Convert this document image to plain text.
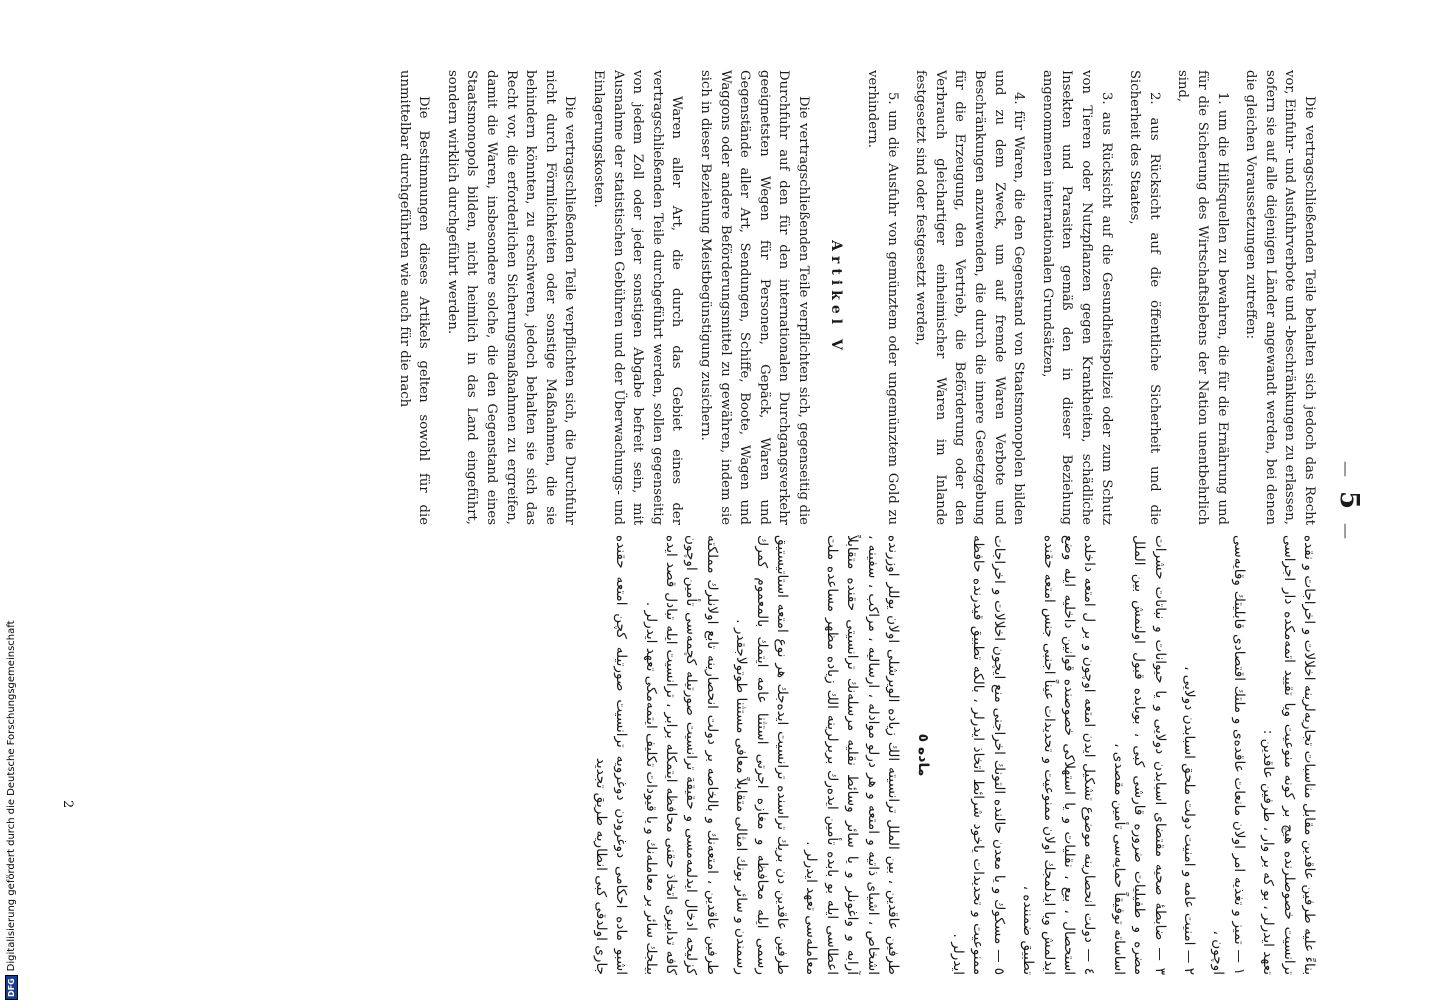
—5—

Die vertragschließenden Teile behalten sich jedoch das Recht vor, Einfuhr- und Ausfuhrverbote und -beschränkungen zu erlassen, sofern sie auf alle diejenigen Länder angewandt werden, bei denen die gleichen Voraussetzungen zutreffen:

1. um die Hilfsquellen zu bewahren, die für die Ernährung und für die Sicherung des Wirtschaftslebens der Nation unentbehrlich sind,

2. aus Rücksicht auf die öffentliche Sicherheit und die Sicherheit des Staates,

3. aus Rücksicht auf die Gesundheitspolizei oder zum Schutz von Tieren oder Nutzpflanzen gegen Krankheiten, schädliche Insekten und Parasiten gemäß den in dieser Beziehung angenommenen internationalen Grundsätzen,

4. für Waren, die den Gegenstand von Staatsmonopolen bilden und zu dem Zweck, um auf fremde Waren Verbote und Beschränkungen anzuwenden, die durch die innere Gesetzgebung für die Erzeugung, den Vertrieb, die Beförderung oder den Verbrauch gleichartiger einheimischer Waren im Inlande festgesetzt sind oder festgesetzt werden,

5. um die Ausfuhr von gemünztem oder ungemünztem Gold zu verhindern.

Artikel V

Die vertragschließenden Teile verpflichten sich, gegenseitig die Durchfuhr auf den für den internationalen Durchgangsverkehr geeignetsten Wegen für Personen, Gepäck, Waren und Gegenstände aller Art, Sendungen, Schiffe, Boote, Wagen und Waggons oder andere Beförderungsmittel zu gewähren, indem sie sich in dieser Beziehung Meistbegünstigung zusichern.

Waren aller Art, die durch das Gebiet eines der vertragschließenden Teile durchgeführt werden, sollen gegenseitig von jedem Zoll oder jeder sonstigen Abgabe befreit sein, mit Ausnahme der statistischen Gebühren und der Überwachungs- und Einlagerungskosten.

Die vertragschließenden Teile verpflichten sich, die Durchfuhr nicht durch Förmlichkeiten oder sonstige Maßnahmen, die sie behindern könnten, zu erschweren, jedoch behalten sie sich das Recht vor, die erforderlichen Sicherungsmaßnahmen zu ergreifen, damit die Waren, insbesondere solche, die den Gegenstand eines Staatsmonopols bilden, nicht heimlich in das Land eingeführt, sondern wirklich durchgeführt werden.

Die Bestimmungen dieses Artikels gelten sowohl für die unmittelbar durchgeführten wie auch für die nach

بناءً عليه طرفين عاقدين مقابل مناسبات تجاريه‌لرينه اخلالات و اخراجات و نقده ترانسيت خصوصلرنده هيچ بر كونه منوعيت ويا تقييد اتمه‌مكده دار اجراسى تعهد ايدرلر ، بو كه بر وار ، طرفين عاقدين :

١ — تميز و تغذيه امر اولان مانعات عاقده‌ى و ملتك اقتصادى قابليتك وقايه‌سى اوچون ،

٢ — امنيت عامه و امنيت دولت ملحق اسبابدن دولايى ،

٣ — ضابطهٔ صحيه مقتضاى اسبابدن دولايى و يا حيوانات و نباتات حشرات مضره و طفيليات ضروره قارشى كبى ، بوبابده قبول اولنمش بين الملل اساساته توفيقاً حمايه‌سى تأمين مقصدى ،

٤ — دولت انحصارينه موضوع تشكيل ايدن امتعه اوچون و بر ل امتعه داخلده استحصال ، بيع ، نقليات و يا استهلاكى خصوصنده قوانين داخليه ايله وضع ايدلمش ويا ايدلمجك اولان ممنوعيت و تحديدات عيناً اجنبى جنس امتعه حقنده تطبيق ضمننده ،

٥ — مسكوك و يا معدن حالنده التونك اخراجنى منع ايچون اخلالات و اخراجات ممنوعيت و تحديدات ياخود شرائط اتخاذ ايدرلر ، بالكه تطبيق قيدرنده حافظه ايدرلر .

ماده ٥

طرفين عاقدين ، بين الملل ترانسيته الك زياده الويرشلى اولان يوللر اوزرنده اشخاص ، اشياى ذاتيه و امتعه و هر درلو موادله ، ارساليه ، مراكب ، سفينه ، آرابه و واغونلر و يا سائر وسائط نقليه مرسله‌نك ترانسيتى حقنده متقابلاً اعطاسى ايله بو بابده تأمين ايده‌رك بربرلرينه الك زياده مظهر مساعده ملت معامله‌سى تعهد ايدرلر .

طرفين عاقدين دن بريك تراسنده ترانسيت ايده‌جك هر نوع امتعه استاتيستيق رسمى ايله محافظه و مغازه اجرتى استثنا عامه ايتمك بالمعموم كمرك رسمندن و سائر بونك امثالى متقابلاً معافى مستثنا طوتولاجقدر .

طرفين عاقدين ، امتعه‌نك و بالخاصه بر دولت انحصارينه تابع اولانلرك مملكته كزليجه ادخال ايدلمه‌مسى و حقيقة ترانسيت صورتيله كچمه‌سى تأمين اوچون كافه تدابيرى اتخاذ حقنى محافظه ايتمكله برابر ، ترانسيت ايله تبادل قصد ايده بيلجك سائر بر معامله‌نك و يا قيودات تكليف ايتمه‌مكى تعهد ايدرلر .

اشبو ماده احكامى دوغرودن دوغرويه ترانسيت صورتيله كچن امتعه حقنده جارى اولدقى كبى انطاريه طريق تجديد

2
DFG
Digitalisierung gefördert durch die Deutsche Forschungsgemeinschaft
